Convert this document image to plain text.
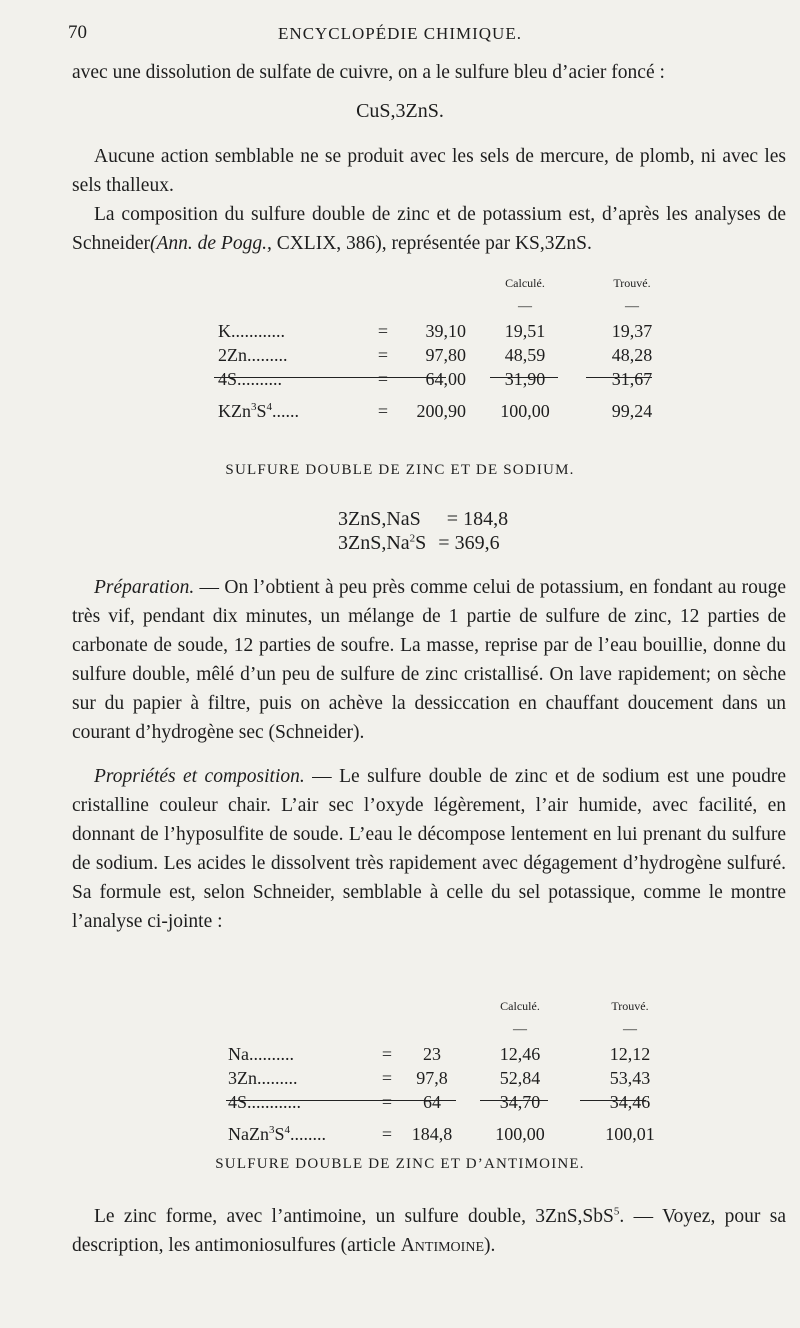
70	ENCYCLOPÉDIE CHIMIQUE.
avec une dissolution de sulfate de cuivre, on a le sulfure bleu d’acier foncé :
CuS,3ZnS.
Aucune action semblable ne se produit avec les sels de mercure, de plomb, ni avec les sels thalleux.
La composition du sulfure double de zinc et de potassium est, d’après les analyses de Schneider(Ann. de Pogg., CXLIX, 386), représentée par KS,3ZnS.
			Calculé.	Trouvé.
			—	—
K............	=	39,10	19,51	19,37
2Zn.........	=	97,80	48,59	48,28
4S..........	=	64,00	31,90	31,67

$KZn^3S^4$......	=	200,90	100,00	99,24
SULFURE DOUBLE DE ZINC ET DE SODIUM.
3ZnS,NaS = 184,8
$3ZnS,Na^2S = 369,6$
Préparation. — On l’obtient à peu près comme celui de potassium, en fondant au rouge très vif, pendant dix minutes, un mélange de 1 partie de sulfure de zinc, 12 parties de carbonate de soude, 12 parties de soufre. La masse, reprise par de l’eau bouillie, donne du sulfure double, mêlé d’un peu de sulfure de zinc cristallisé. On lave rapidement; on sèche sur du papier à filtre, puis on achève la dessiccation en chauffant doucement dans un courant d’hydrogène sec (Schneider).
Propriétés et composition. — Le sulfure double de zinc et de sodium est une poudre cristalline couleur chair. L’air sec l’oxyde légèrement, l’air humide, avec facilité, en donnant de l’hyposulfite de soude. L’eau le décompose lentement en lui prenant du sulfure de sodium. Les acides le dissolvent très rapidement avec dégagement d’hydrogène sulfuré. Sa formule est, selon Schneider, semblable à celle du sel potassique, comme le montre l’analyse ci-jointe :
			Calculé.	Trouvé.
			—	—
Na..........	=	23	12,46	12,12
3Zn.........	=	97,8	52,84	53,43
4S............	=	64	34,70	34,46

$NaZn^3S^4$........	=	184,8	100,00	100,01
SULFURE DOUBLE DE ZINC ET D’ANTIMOINE.
Le zinc forme, avec l’antimoine, un sulfure double, 3ZnS,SbS$^5$. — Voyez, pour sa description, les antimoniosulfures (article Antimoine).
